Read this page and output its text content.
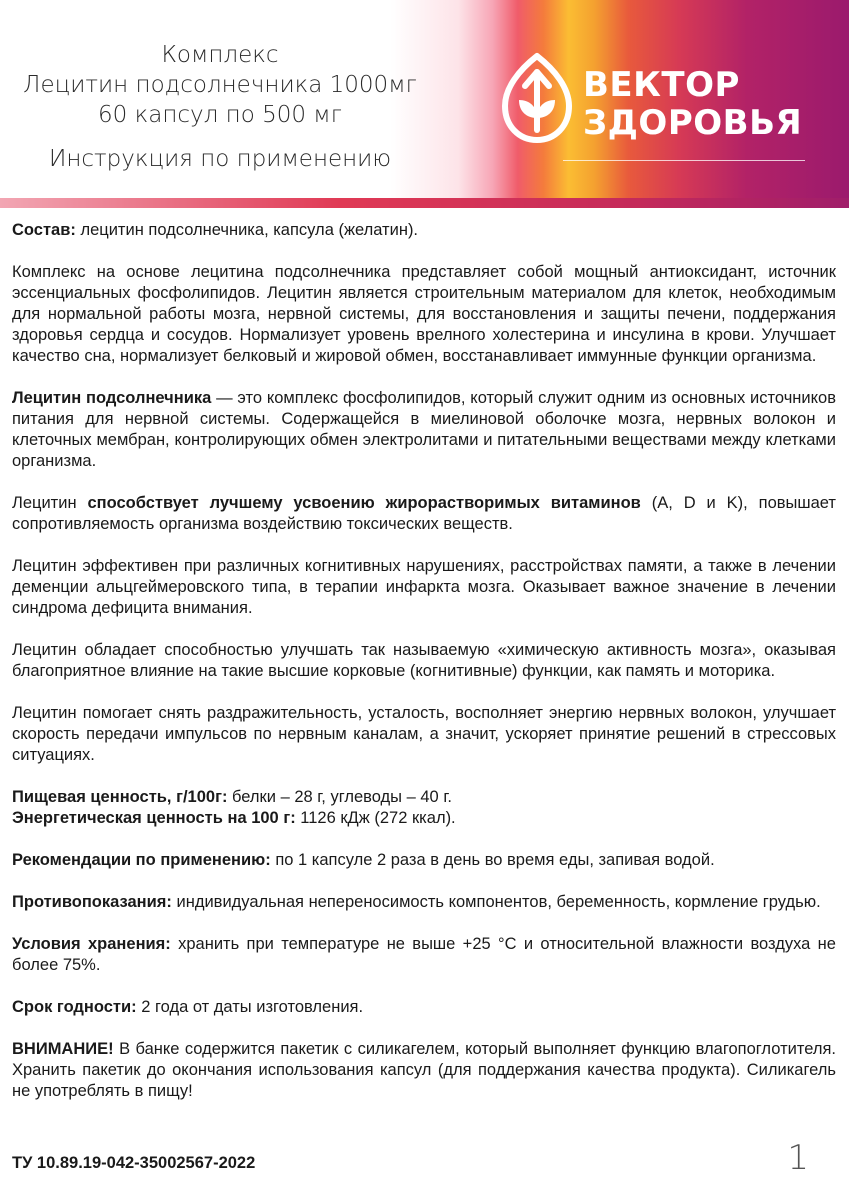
Комплекс
Лецитин подсолнечника 1000мг
60 капсул по 500 мг
Инструкция по применению
ВЕКТОР
ЗДОРОВЬЯ

Состав: лецитин подсолнечника, капсула (желатин).

Комплекс на основе лецитина подсолнечника представляет собой мощный антиоксидант, источник эссенциальных фосфолипидов. Лецитин является строительным материалом для клеток, необходимым для нормальной работы мозга, нервной системы, для восстановления и защиты печени, поддержания здоровья сердца и сосудов. Нормализует уровень врелного холестерина и инсулина в крови. Улучшает качество сна, нормализует белковый и жировой обмен, восстанавливает иммунные функции организма.

Лецитин подсолнечника — это комплекс фосфолипидов, который служит одним из основных источников питания для нервной системы. Содержащейся в миелиновой оболочке мозга, нервных волокон и клеточных мембран, контролирующих обмен электролитами и питательными веществами между клетками организма.

Лецитин способствует лучшему усвоению жирорастворимых витаминов (A, D и K), повышает сопротивляемость организма воздействию токсических веществ.

Лецитин эффективен при различных когнитивных нарушениях, расстройствах памяти, а также в лечении деменции альцгеймеровского типа, в терапии инфаркта мозга. Оказывает важное значение в лечении синдрома дефицита внимания.

Лецитин обладает способностью улучшать так называемую «химическую активность мозга», оказывая благоприятное влияние на такие высшие корковые (когнитивные) функции, как память и моторика.

Лецитин помогает снять раздражительность, усталость, восполняет энергию нервных волокон, улучшает скорость передачи импульсов по нервным каналам, а значит, ускоряет принятие решений в стрессовых ситуациях.

Пищевая ценность, г/100г: белки – 28 г, углеводы – 40 г.

Энергетическая ценность на 100 г: 1126 кДж (272 ккал).

Рекомендации по применению: по 1 капсуле 2 раза в день во время еды, запивая водой.

Противопоказания: индивидуальная непереносимость компонентов, беременность, кормление грудью.

Условия хранения: хранить при температуре не выше +25 °С и относительной влажности воздуха не более 75%.

Срок годности: 2 года от даты изготовления.

ВНИМАНИЕ! В банке содержится пакетик с силикагелем, который выполняет функцию влагопоглотителя. Хранить пакетик до окончания использования капсул (для поддержания качества продукта). Силикагель не употреблять в пищу!

ТУ 10.89.19-042-35002567-2022	1
